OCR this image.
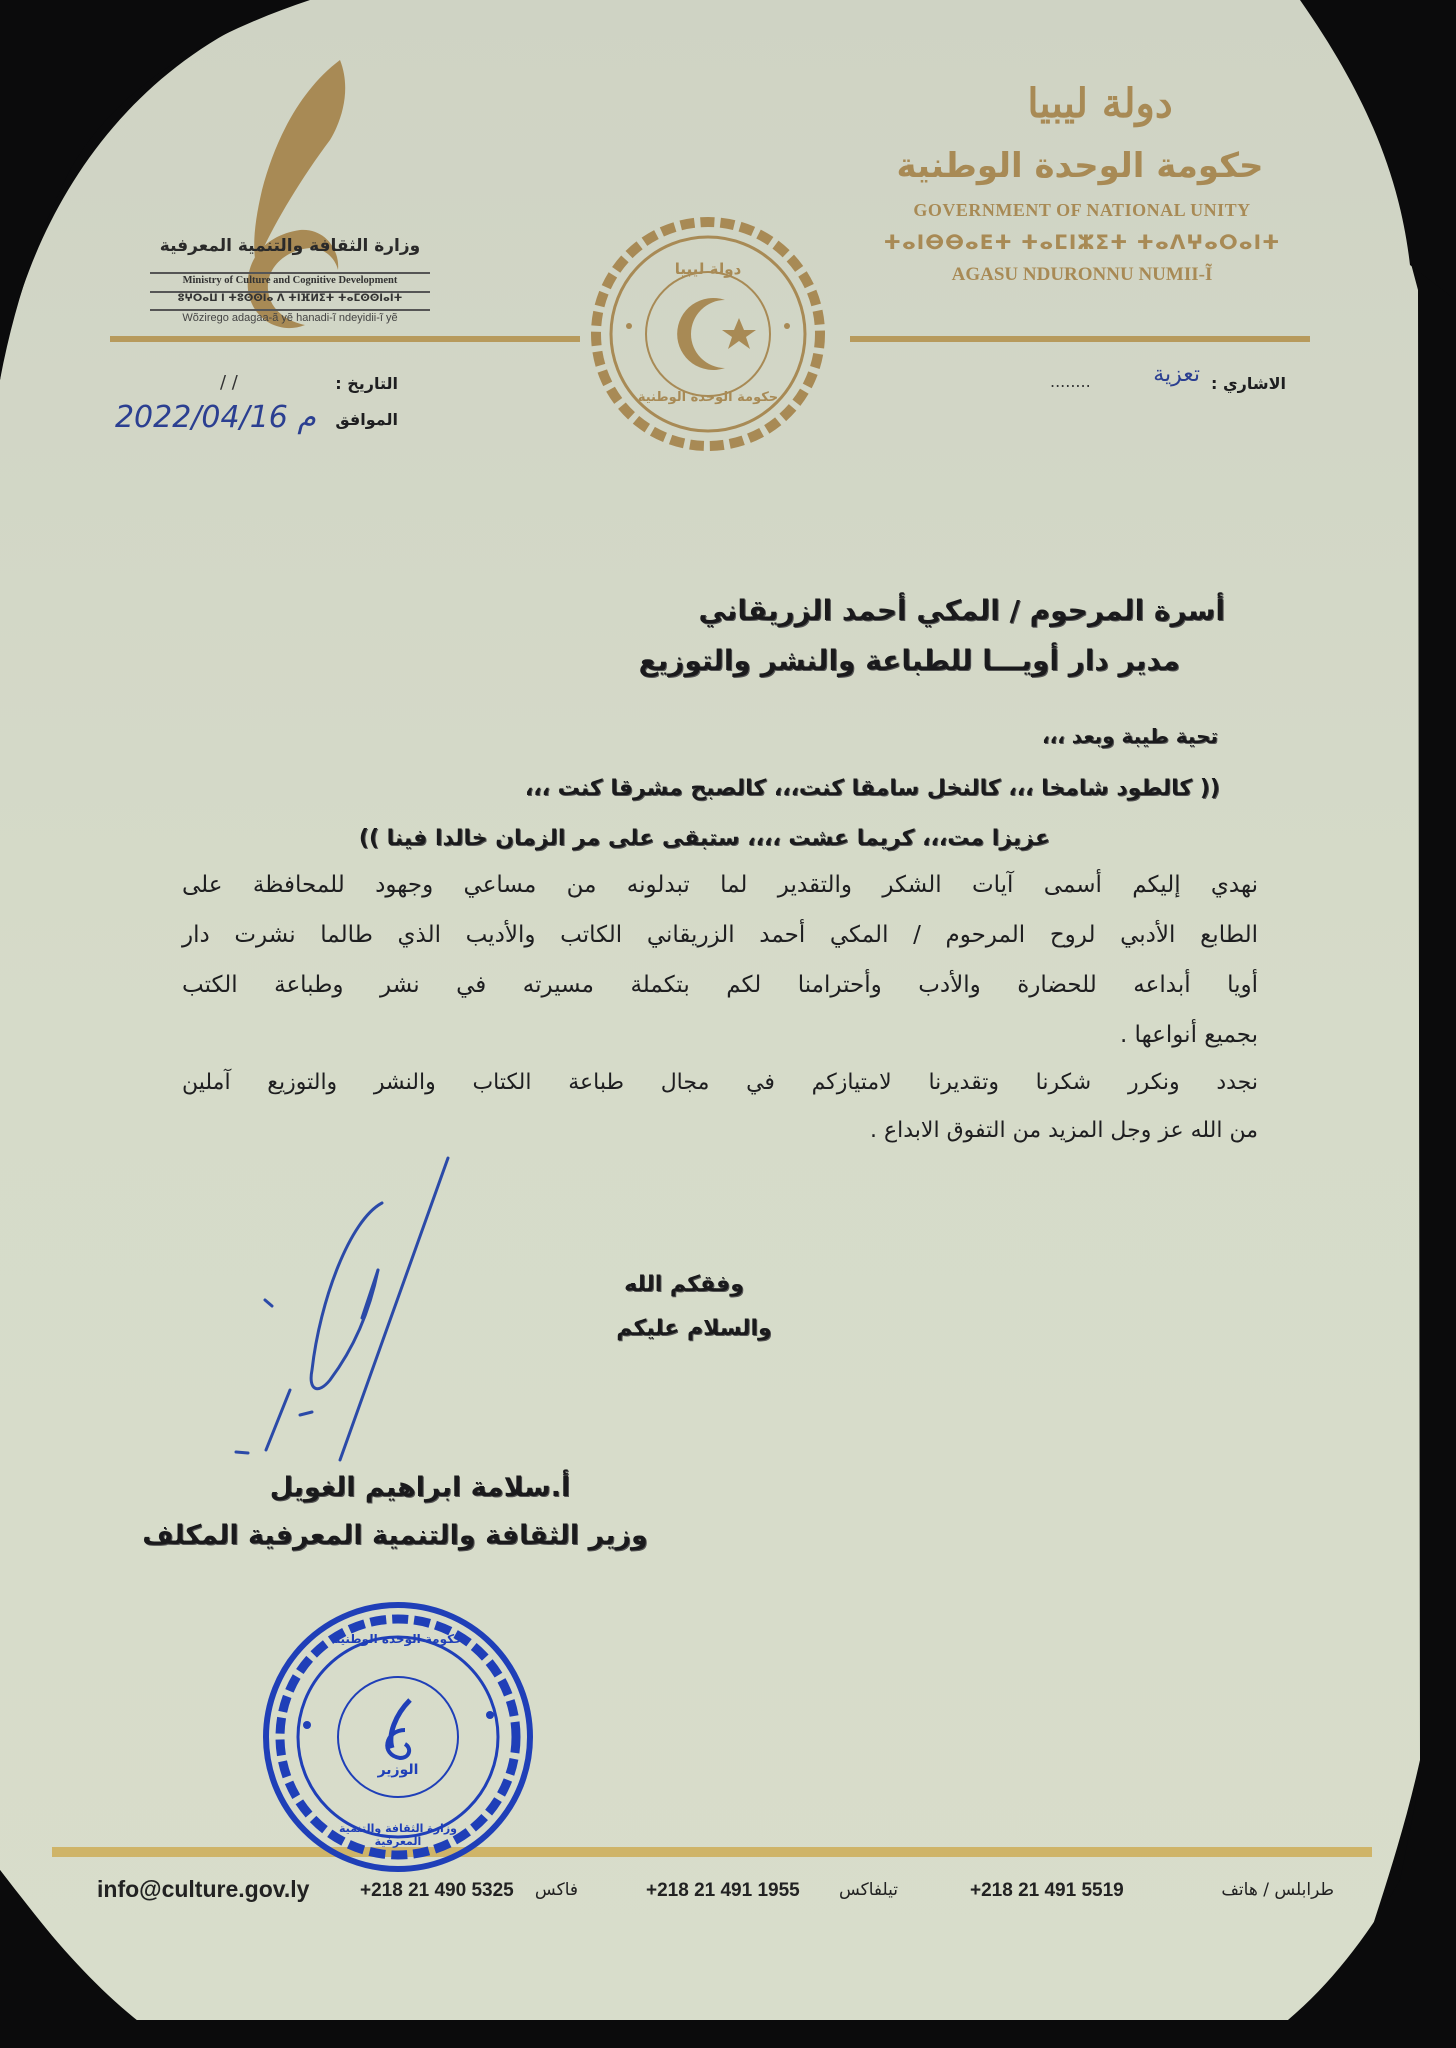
دولة ليبيا
حكومة الوحدة الوطنية
GOVERNMENT OF NATIONAL UNITY
ⵜⴰⵏⴱⴱⴰⴹⵜ ⵜⴰⵎⵏⵣⵉⵜ ⵜⴰⴷⵖⴰⵔⴰⵏⵜ
AGASU NDURONNU NUMII-Ĩ
وزارة الثقافة والتنمية المعرفية
Ministry of Culture and Cognitive Development
ⵓⵖⵔⴰⵡ ⵏ ⵜⵓⵙⵙⵏⴰ ⴷ ⵜⵏⴼⵍⵉⵜ ⵜⴰⵎⵙⵙⵏⴰⵏⵜ
Wõzirego adagaa-ã yẽ hanadi-ĩ ndeyidii-ĩ yẽ
دولة ليبيا
حكومة الوحدة الوطنية
التاريخ :
/ /
الموافق
2022/04/16 م
الاشاري :
تعزية
........
أسرة المرحوم / المكي أحمد الزريقاني
مدير دار أويـــا للطباعة والنشر والتوزيع
تحية طيبة وبعد ،،،
(( كالطود شامخا ،،، كالنخل سامقا كنت،،، كالصبح مشرقا كنت ،،،
عزيزا مت،،، كريما عشت ،،،، ستبقى على مر الزمان خالدا فينا ))
نهدي إليكم أسمى آيات الشكر والتقدير لما تبدلونه من مساعي وجهود للمحافظة على
الطابع الأدبي لروح المرحوم / المكي أحمد الزريقاني الكاتب والأديب الذي طالما نشرت دار
أويا أبداعه للحضارة والأدب وأحترامنا لكم بتكملة مسيرته في نشر وطباعة الكتب
بجميع أنواعها .
نجدد ونكرر شكرنا وتقديرنا لامتيازكم في مجال طباعة الكتاب والنشر والتوزيع آملين
من الله عز وجل المزيد من التفوق الابداع .
وفقكم الله
والسلام عليكم
أ.سلامة ابراهيم الغويل
وزير الثقافة والتنمية المعرفية المكلف
حكومة الوحدة الوطنية
وزارة الثقافة والتنمية المعرفية
الوزير
info@culture.gov.ly	+218 21 490 5325	فاكس	+218 21 491 1955	تيلفاكس	+218 21 491 5519	طرابلس / هاتف
